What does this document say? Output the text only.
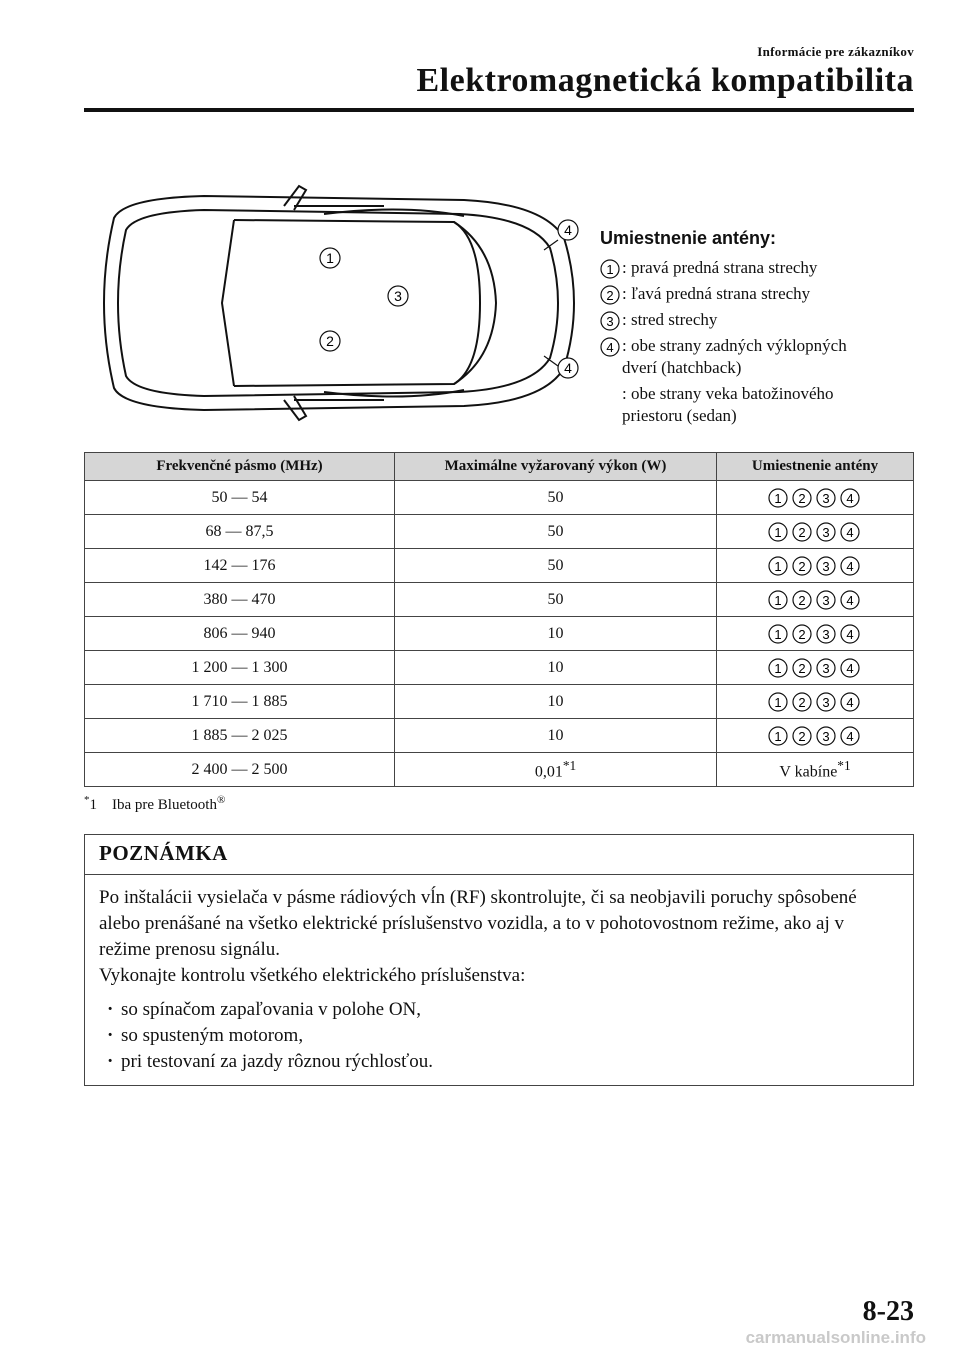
Informácie pre zákazníkov
Elektromagnetická kompatibilita
1
2
3
4
4
Umiestnenie antény:
1 : pravá predná strana strechy
2 : ľavá predná strana strechy
3 : stred strechy
4 : obe strany zadných výklopných
dverí (hatchback)
: obe strany veka batožinového
priestoru (sedan)
Frekvenčné pásmo (MHz)	Maximálne vyžarovaný výkon (W)	Umiestnenie antény
50 — 54	50	1 2 3 4

68 — 87,5	50	1 2 3 4

142 — 176	50	1 2 3 4

380 — 470	50	1 2 3 4

806 — 940	10	1 2 3 4

1 200 — 1 300	10	1 2 3 4

1 710 — 1 885	10	1 2 3 4

1 885 — 2 025	10	1 2 3 4

2 400 — 2 500	0,01$^{*1}$	V kabíne$^{*1}$
*1 Iba pre Bluetooth®
POZNÁMKA

Po inštalácii vysielača v pásme rádiových vĺn (RF) skontrolujte, či sa neobjavili poruchy spôsobené alebo prenášané na všetko elektrické príslušenstvo vozidla, a to v pohotovostnom režime, ako aj v režime prenosu signálu.

Vykonajte kontrolu všetkého elektrického príslušenstva:

· so spínačom zapaľovania v polohe ON,
· so spusteným motorom,
· pri testovaní za jazdy rôznou rýchlosťou.
8-23
carmanualsonline.info
